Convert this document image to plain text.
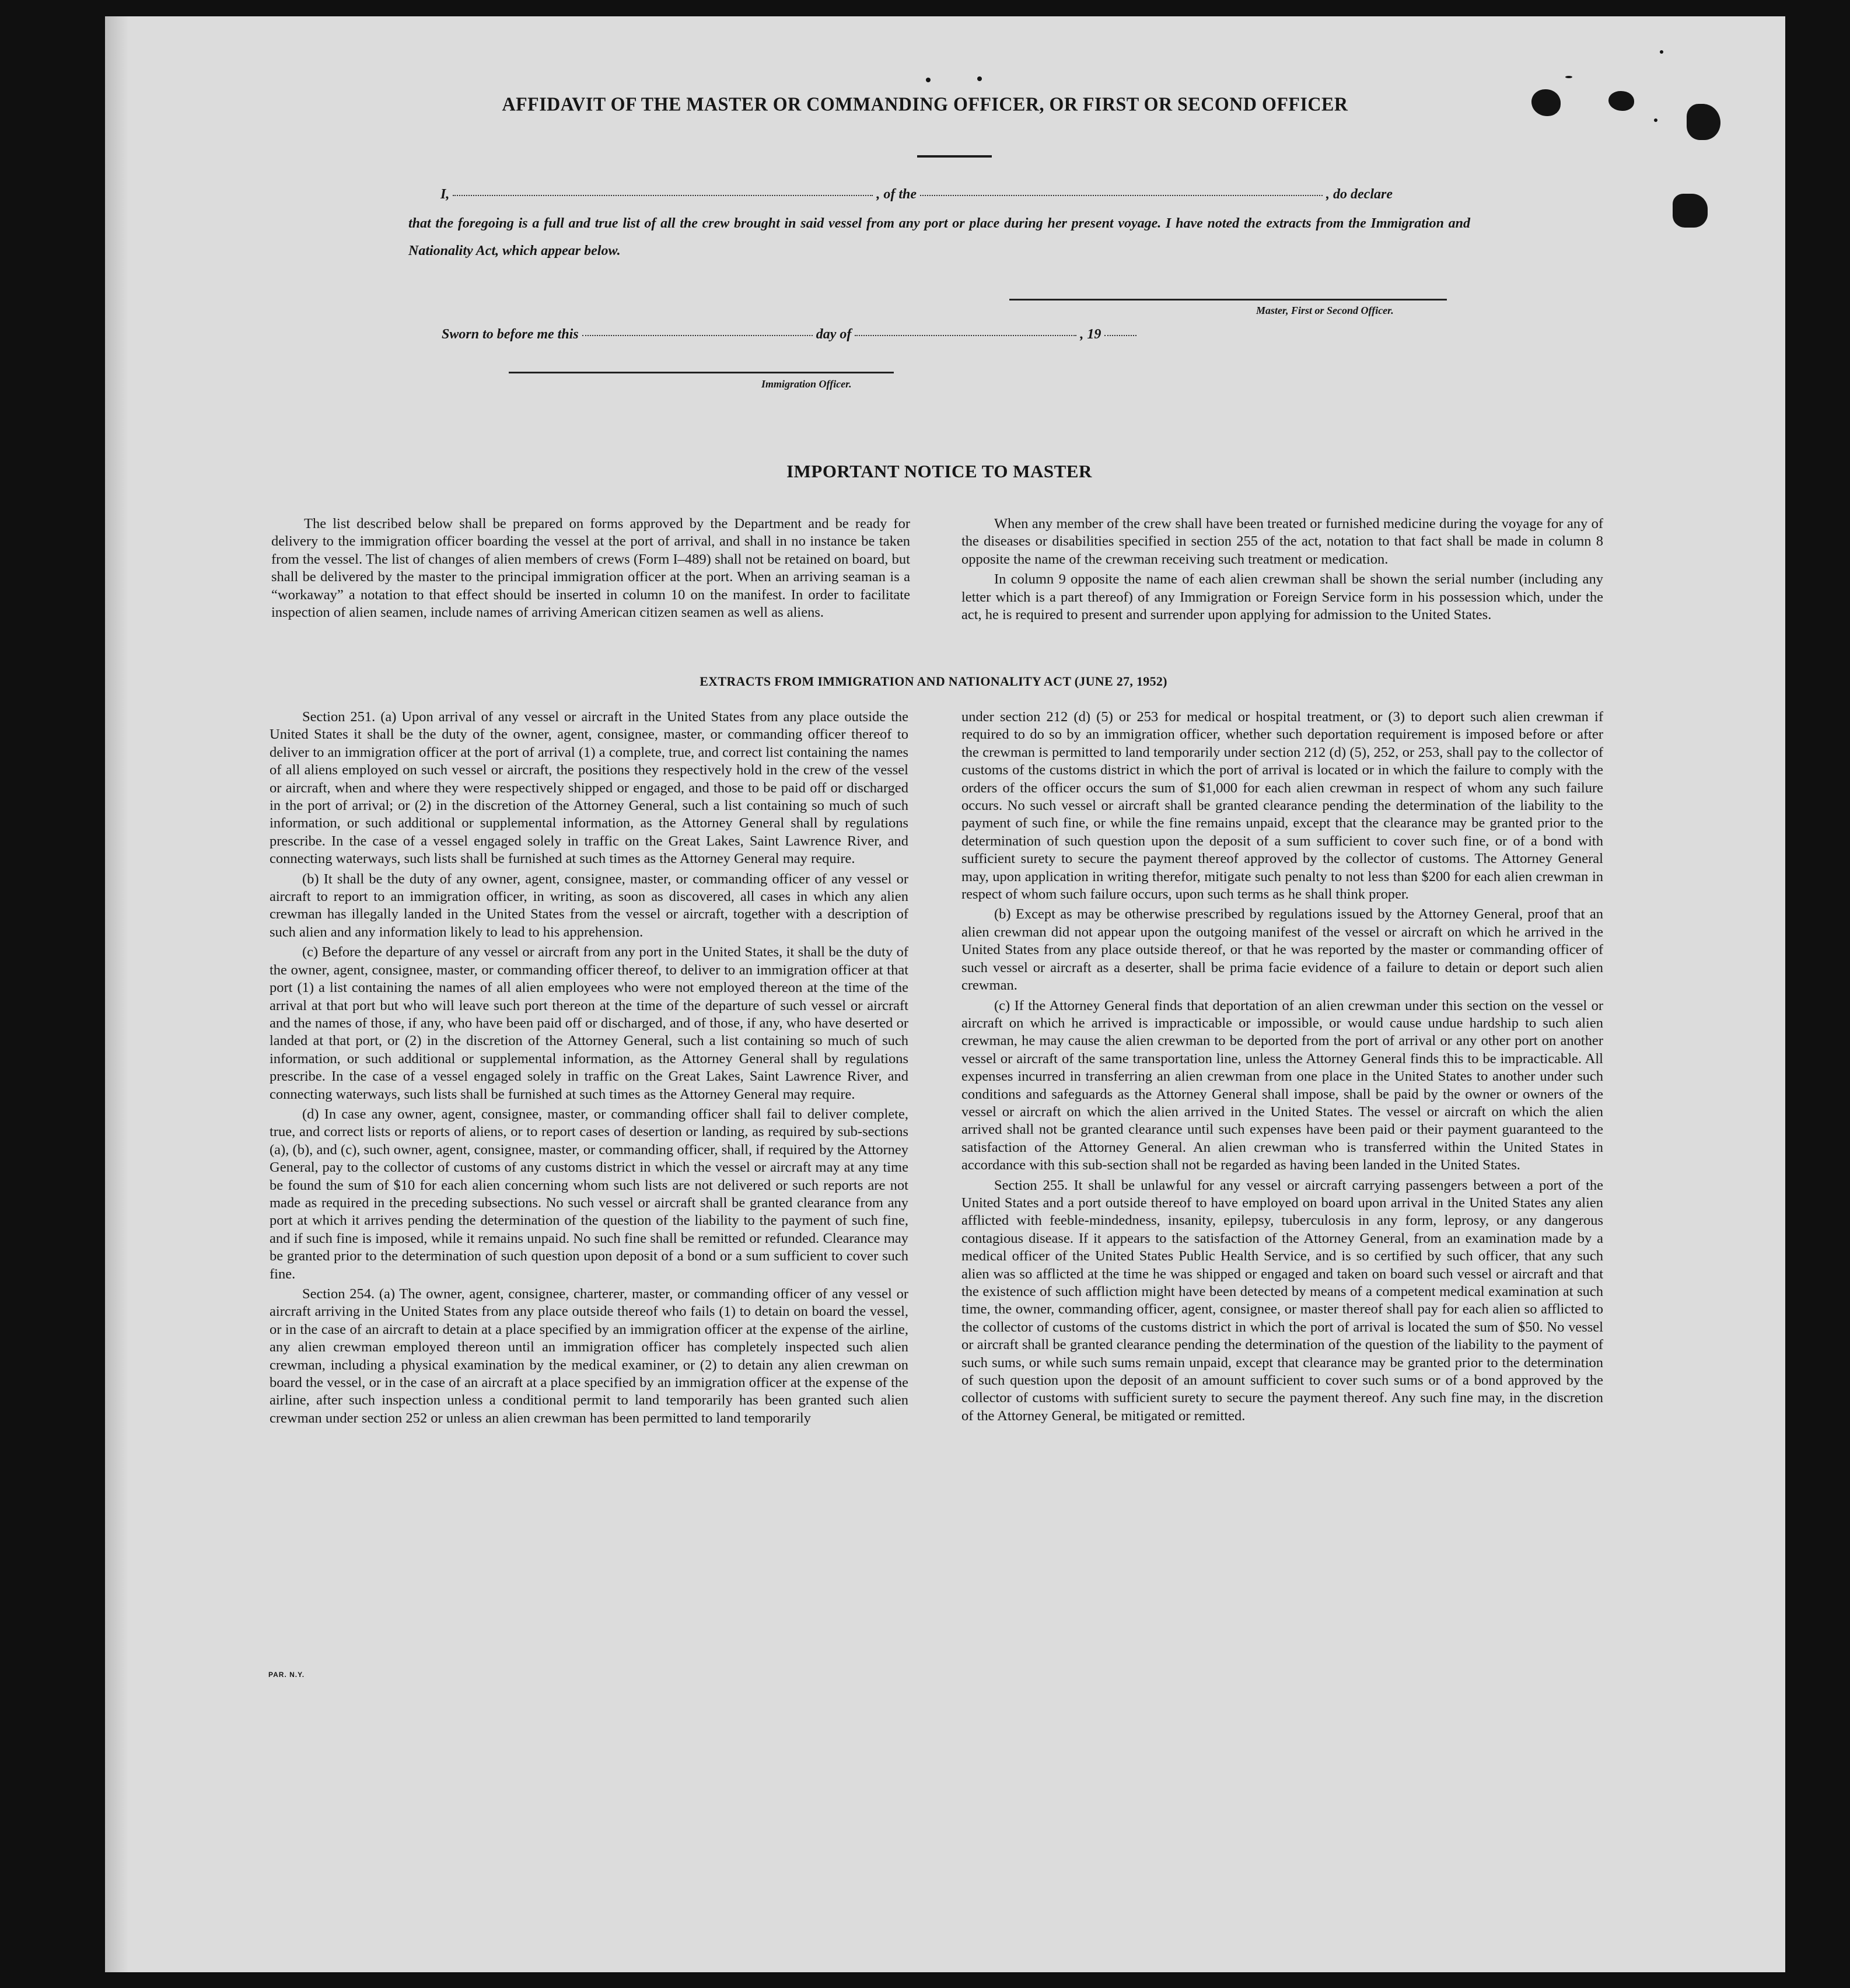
AFFIDAVIT OF THE MASTER OR COMMANDING OFFICER, OR FIRST OR SECOND OFFICER
I,	, of the	, do declare
that the foregoing is a full and true list of all the crew brought in said vessel from any port or place during her present voyage. I have noted the extracts from the Immigration and Nationality Act, which appear below.
Master, First or Second Officer.
Sworn to before me this	day of	, 19
Immigration Officer.
IMPORTANT NOTICE TO MASTER

The list described below shall be prepared on forms approved by the Department and be ready for delivery to the immigration officer boarding the vessel at the port of arrival, and shall in no instance be taken from the vessel. The list of changes of alien members of crews (Form I–489) shall not be retained on board, but shall be delivered by the master to the principal immigration officer at the port. When an arriving seaman is a “workaway” a notation to that effect should be inserted in column 10 on the manifest. In order to facilitate inspection of alien seamen, include names of arriving American citizen seamen as well as aliens.

When any member of the crew shall have been treated or furnished medicine during the voyage for any of the diseases or disabilities specified in section 255 of the act, notation to that fact shall be made in column 8 opposite the name of the crewman receiving such treatment or medication.

In column 9 opposite the name of each alien crewman shall be shown the serial number (including any letter which is a part thereof) of any Immigration or Foreign Service form in his possession which, under the act, he is required to present and surrender upon applying for admission to the United States.

EXTRACTS FROM IMMIGRATION AND NATIONALITY ACT (JUNE 27, 1952)

Section 251. (a) Upon arrival of any vessel or aircraft in the United States from any place outside the United States it shall be the duty of the owner, agent, consignee, master, or commanding officer thereof to deliver to an immigration officer at the port of arrival (1) a complete, true, and correct list containing the names of all aliens employed on such vessel or aircraft, the positions they respectively hold in the crew of the vessel or aircraft, when and where they were respectively shipped or engaged, and those to be paid off or discharged in the port of arrival; or (2) in the discretion of the Attorney General, such a list containing so much of such information, or such additional or supplemental information, as the Attorney General shall by regulations prescribe. In the case of a vessel engaged solely in traffic on the Great Lakes, Saint Lawrence River, and connecting waterways, such lists shall be furnished at such times as the Attorney General may require.

(b) It shall be the duty of any owner, agent, consignee, master, or commanding officer of any vessel or aircraft to report to an immigration officer, in writing, as soon as discovered, all cases in which any alien crewman has illegally landed in the United States from the vessel or aircraft, together with a description of such alien and any information likely to lead to his apprehension.

(c) Before the departure of any vessel or aircraft from any port in the United States, it shall be the duty of the owner, agent, consignee, master, or commanding officer thereof, to deliver to an immigration officer at that port (1) a list containing the names of all alien employees who were not employed thereon at the time of the arrival at that port but who will leave such port thereon at the time of the departure of such vessel or aircraft and the names of those, if any, who have been paid off or discharged, and of those, if any, who have deserted or landed at that port, or (2) in the discretion of the Attorney General, such a list containing so much of such information, or such additional or supplemental information, as the Attorney General shall by regulations prescribe. In the case of a vessel engaged solely in traffic on the Great Lakes, Saint Lawrence River, and connecting waterways, such lists shall be furnished at such times as the Attorney General may require.

(d) In case any owner, agent, consignee, master, or commanding officer shall fail to deliver complete, true, and correct lists or reports of aliens, or to report cases of desertion or landing, as required by sub-sections (a), (b), and (c), such owner, agent, consignee, master, or commanding officer, shall, if required by the Attorney General, pay to the collector of customs of any customs district in which the vessel or aircraft may at any time be found the sum of $10 for each alien concerning whom such lists are not delivered or such reports are not made as required in the preceding subsections. No such vessel or aircraft shall be granted clearance from any port at which it arrives pending the determination of the question of the liability to the payment of such fine, and if such fine is imposed, while it remains unpaid. No such fine shall be remitted or refunded. Clearance may be granted prior to the determination of such question upon deposit of a bond or a sum sufficient to cover such fine.

Section 254. (a) The owner, agent, consignee, charterer, master, or commanding officer of any vessel or aircraft arriving in the United States from any place outside thereof who fails (1) to detain on board the vessel, or in the case of an aircraft to detain at a place specified by an immigration officer at the expense of the airline, any alien crewman employed thereon until an immigration officer has completely inspected such alien crewman, including a physical examination by the medical examiner, or (2) to detain any alien crewman on board the vessel, or in the case of an aircraft at a place specified by an immigration officer at the expense of the airline, after such inspection unless a conditional permit to land temporarily has been granted such alien crewman under section 252 or unless an alien crewman has been permitted to land temporarily

under section 212 (d) (5) or 253 for medical or hospital treatment, or (3) to deport such alien crewman if required to do so by an immigration officer, whether such deportation requirement is imposed before or after the crewman is permitted to land temporarily under section 212 (d) (5), 252, or 253, shall pay to the collector of customs of the customs district in which the port of arrival is located or in which the failure to comply with the orders of the officer occurs the sum of $1,000 for each alien crewman in respect of whom any such failure occurs. No such vessel or aircraft shall be granted clearance pending the determination of the liability to the payment of such fine, or while the fine remains unpaid, except that the clearance may be granted prior to the determination of such question upon the deposit of a sum sufficient to cover such fine, or of a bond with sufficient surety to secure the payment thereof approved by the collector of customs. The Attorney General may, upon application in writing therefor, mitigate such penalty to not less than $200 for each alien crewman in respect of whom such failure occurs, upon such terms as he shall think proper.

(b) Except as may be otherwise prescribed by regulations issued by the Attorney General, proof that an alien crewman did not appear upon the outgoing manifest of the vessel or aircraft on which he arrived in the United States from any place outside thereof, or that he was reported by the master or commanding officer of such vessel or aircraft as a deserter, shall be prima facie evidence of a failure to detain or deport such alien crewman.

(c) If the Attorney General finds that deportation of an alien crewman under this section on the vessel or aircraft on which he arrived is impracticable or impossible, or would cause undue hardship to such alien crewman, he may cause the alien crewman to be deported from the port of arrival or any other port on another vessel or aircraft of the same transportation line, unless the Attorney General finds this to be impracticable. All expenses incurred in transferring an alien crewman from one place in the United States to another under such conditions and safeguards as the Attorney General shall impose, shall be paid by the owner or owners of the vessel or aircraft on which the alien arrived in the United States. The vessel or aircraft on which the alien arrived shall not be granted clearance until such expenses have been paid or their payment guaranteed to the satisfaction of the Attorney General. An alien crewman who is transferred within the United States in accordance with this sub-section shall not be regarded as having been landed in the United States.

Section 255. It shall be unlawful for any vessel or aircraft carrying passengers between a port of the United States and a port outside thereof to have employed on board upon arrival in the United States any alien afflicted with feeble-mindedness, insanity, epilepsy, tuberculosis in any form, leprosy, or any dangerous contagious disease. If it appears to the satisfaction of the Attorney General, from an examination made by a medical officer of the United States Public Health Service, and is so certified by such officer, that any such alien was so afflicted at the time he was shipped or engaged and taken on board such vessel or aircraft and that the existence of such affliction might have been detected by means of a competent medical examination at such time, the owner, commanding officer, agent, consignee, or master thereof shall pay for each alien so afflicted to the collector of customs of the customs district in which the port of arrival is located the sum of $50. No vessel or aircraft shall be granted clearance pending the determination of the question of the liability to the payment of such sums, or while such sums remain unpaid, except that clearance may be granted prior to the determination of such question upon the deposit of an amount sufficient to cover such sums or of a bond approved by the collector of customs with sufficient surety to secure the payment thereof. Any such fine may, in the discretion of the Attorney General, be mitigated or remitted.

PAR. N.Y.
